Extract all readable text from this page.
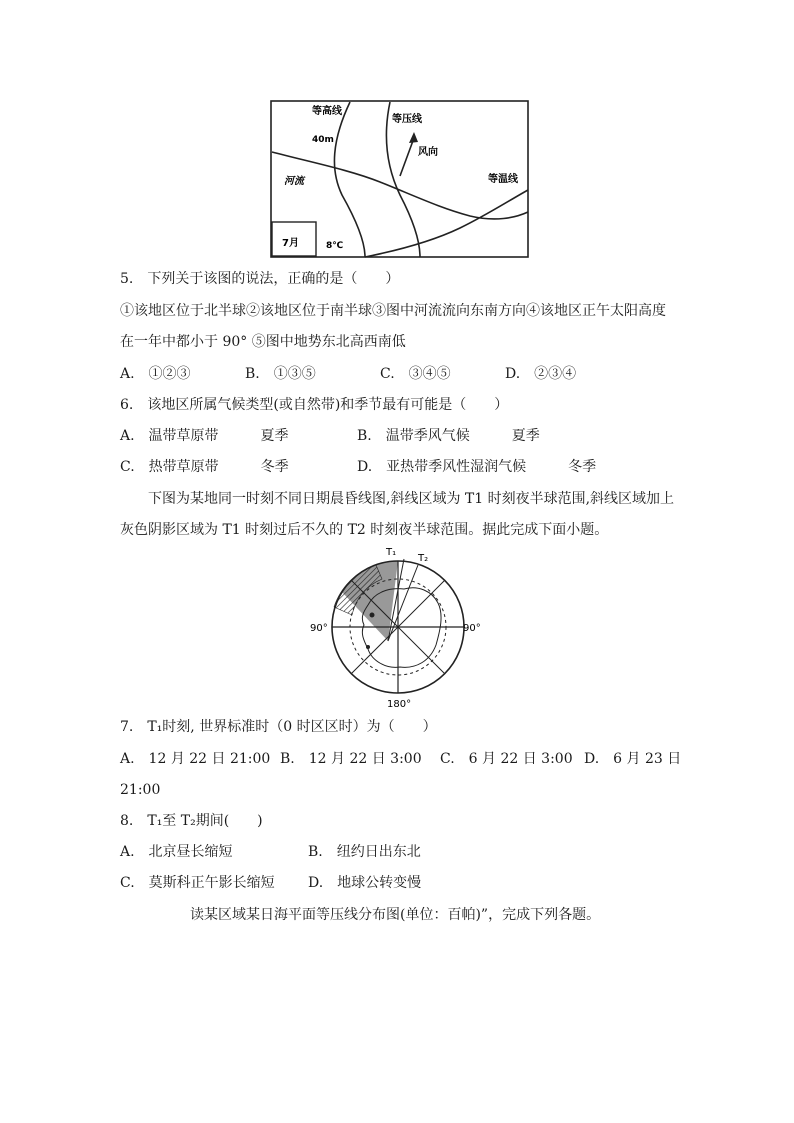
等高线
等压线
40m
风向
河流	等温线
7月	8℃
5.　下列关于该图的说法，正确的是（　　）
①该地区位于北半球②该地区位于南半球③图中河流流向东南方向④该地区正午太阳高度
在一年中都小于 90° ⑤图中地势东北高西南低
A.　①②③	B.　①③⑤	C.　③④⑤	D.　②③④
6.　该地区所属气候类型(或自然带)和季节最有可能是（　　）
A.　温带草原带　　　夏季	B.　温带季风气候　　　夏季
C.　热带草原带　　　冬季	D.　亚热带季风性湿润气候　　　冬季
下图为某地同一时刻不同日期晨昏线图,斜线区域为 T1 时刻夜半球范围,斜线区域加上
灰色阴影区域为 T1 时刻过后不久的 T2 时刻夜半球范围。据此完成下面小题。
T₁
T₂
90°	90°
180°
7.　T₁时刻, 世界标准时（0 时区区时）为（　　）
A.　12 月 22 日 21:00 B.　12 月 22 日 3:00 C.　6 月 22 日 3:00 D.　6 月 23 日
21:00
8.　T₁至 T₂期间(　　)
A.　北京昼长缩短	B.　纽约日出东北
C.　莫斯科正午影长缩短 D.　地球公转变慢
读某区域某日海平面等压线分布图(单位：百帕)”，完成下列各题。
